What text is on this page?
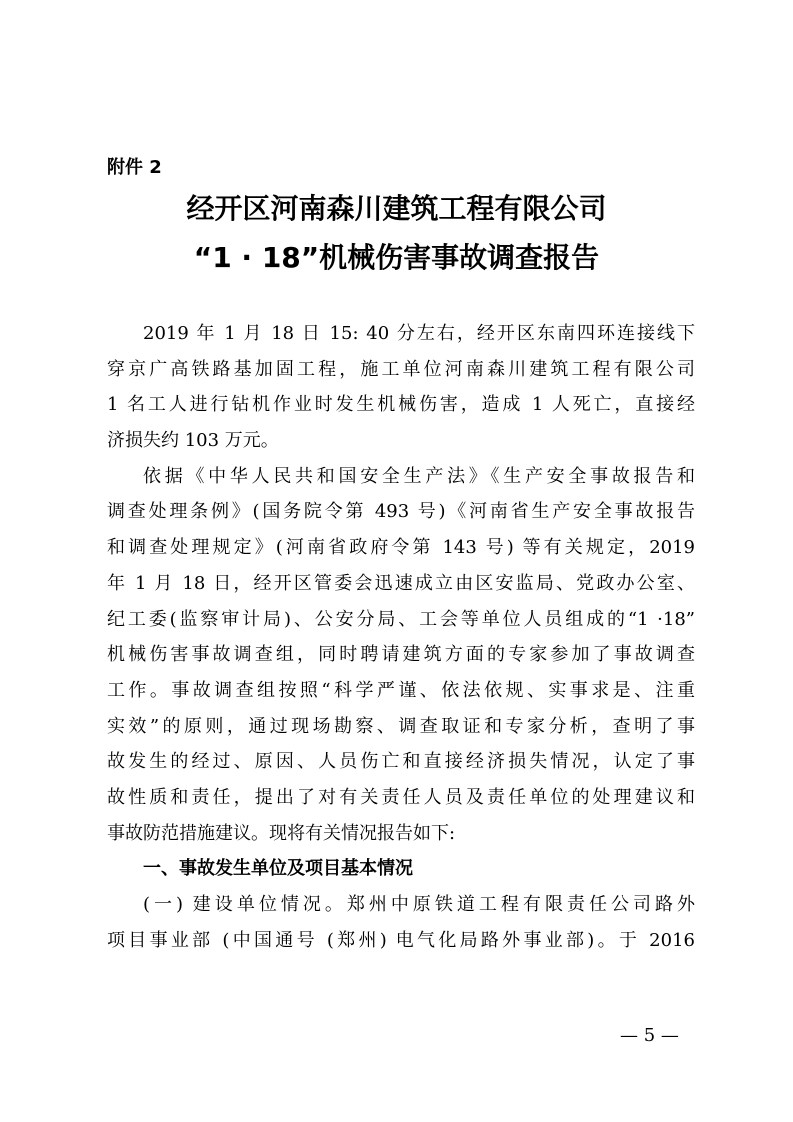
附件 2
经开区河南森川建筑工程有限公司
“1 · 18”机械伤害事故调查报告
2019 年 1 月 18 日 15: 40 分左右，经开区东南四环连接线下
穿京广高铁路基加固工程，施工单位河南森川建筑工程有限公司
1 名工人进行钻机作业时发生机械伤害，造成 1 人死亡，直接经
济损失约 103 万元。
依据《中华人民共和国安全生产法》《生产安全事故报告和
调查处理条例》(国务院令第 493 号)《河南省生产安全事故报告
和调查处理规定》(河南省政府令第 143 号) 等有关规定，2019
年 1 月 18 日，经开区管委会迅速成立由区安监局、党政办公室、
纪工委(监察审计局)、公安分局、工会等单位人员组成的“1 ·18”
机械伤害事故调查组，同时聘请建筑方面的专家参加了事故调查
工作。事故调查组按照“科学严谨、依法依规、实事求是、注重
实效”的原则，通过现场勘察、调查取证和专家分析，查明了事
故发生的经过、原因、人员伤亡和直接经济损失情况，认定了事
故性质和责任，提出了对有关责任人员及责任单位的处理建议和
事故防范措施建议。现将有关情况报告如下:
一、事故发生单位及项目基本情况
(一) 建设单位情况。郑州中原铁道工程有限责任公司路外
项目事业部 (中国通号 (郑州) 电气化局路外事业部)。于 2016
— 5 —
